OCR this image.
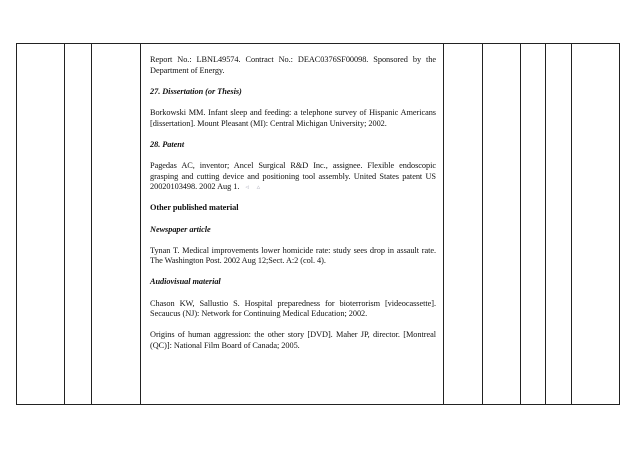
Report No.: LBNL49574. Contract No.: DEAC0376SF00098. Sponsored by the Department of Energy.

27. Dissertation (or Thesis)

Borkowski MM. Infant sleep and feeding: a telephone survey of Hispanic Americans [dissertation]. Mount Pleasant (MI): Central Michigan University; 2002.

28. Patent

Pagedas AC, inventor; Ancel Surgical R&D Inc., assignee. Flexible endoscopic grasping and cutting device and positioning tool assembly. United States patent US 20020103498. 2002 Aug 1. ◃ ▵

Other published material

Newspaper article

Tynan T. Medical improvements lower homicide rate: study sees drop in assault rate. The Washington Post. 2002 Aug 12;Sect. A:2 (col. 4).

Audiovisual material

Chason KW, Sallustio S. Hospital preparedness for bioterrorism [videocassette]. Secaucus (NJ): Network for Continuing Medical Education; 2002.

Origins of human aggression: the other story [DVD]. Maher JP, director. [Montreal (QC)]: National Film Board of Canada; 2005.
